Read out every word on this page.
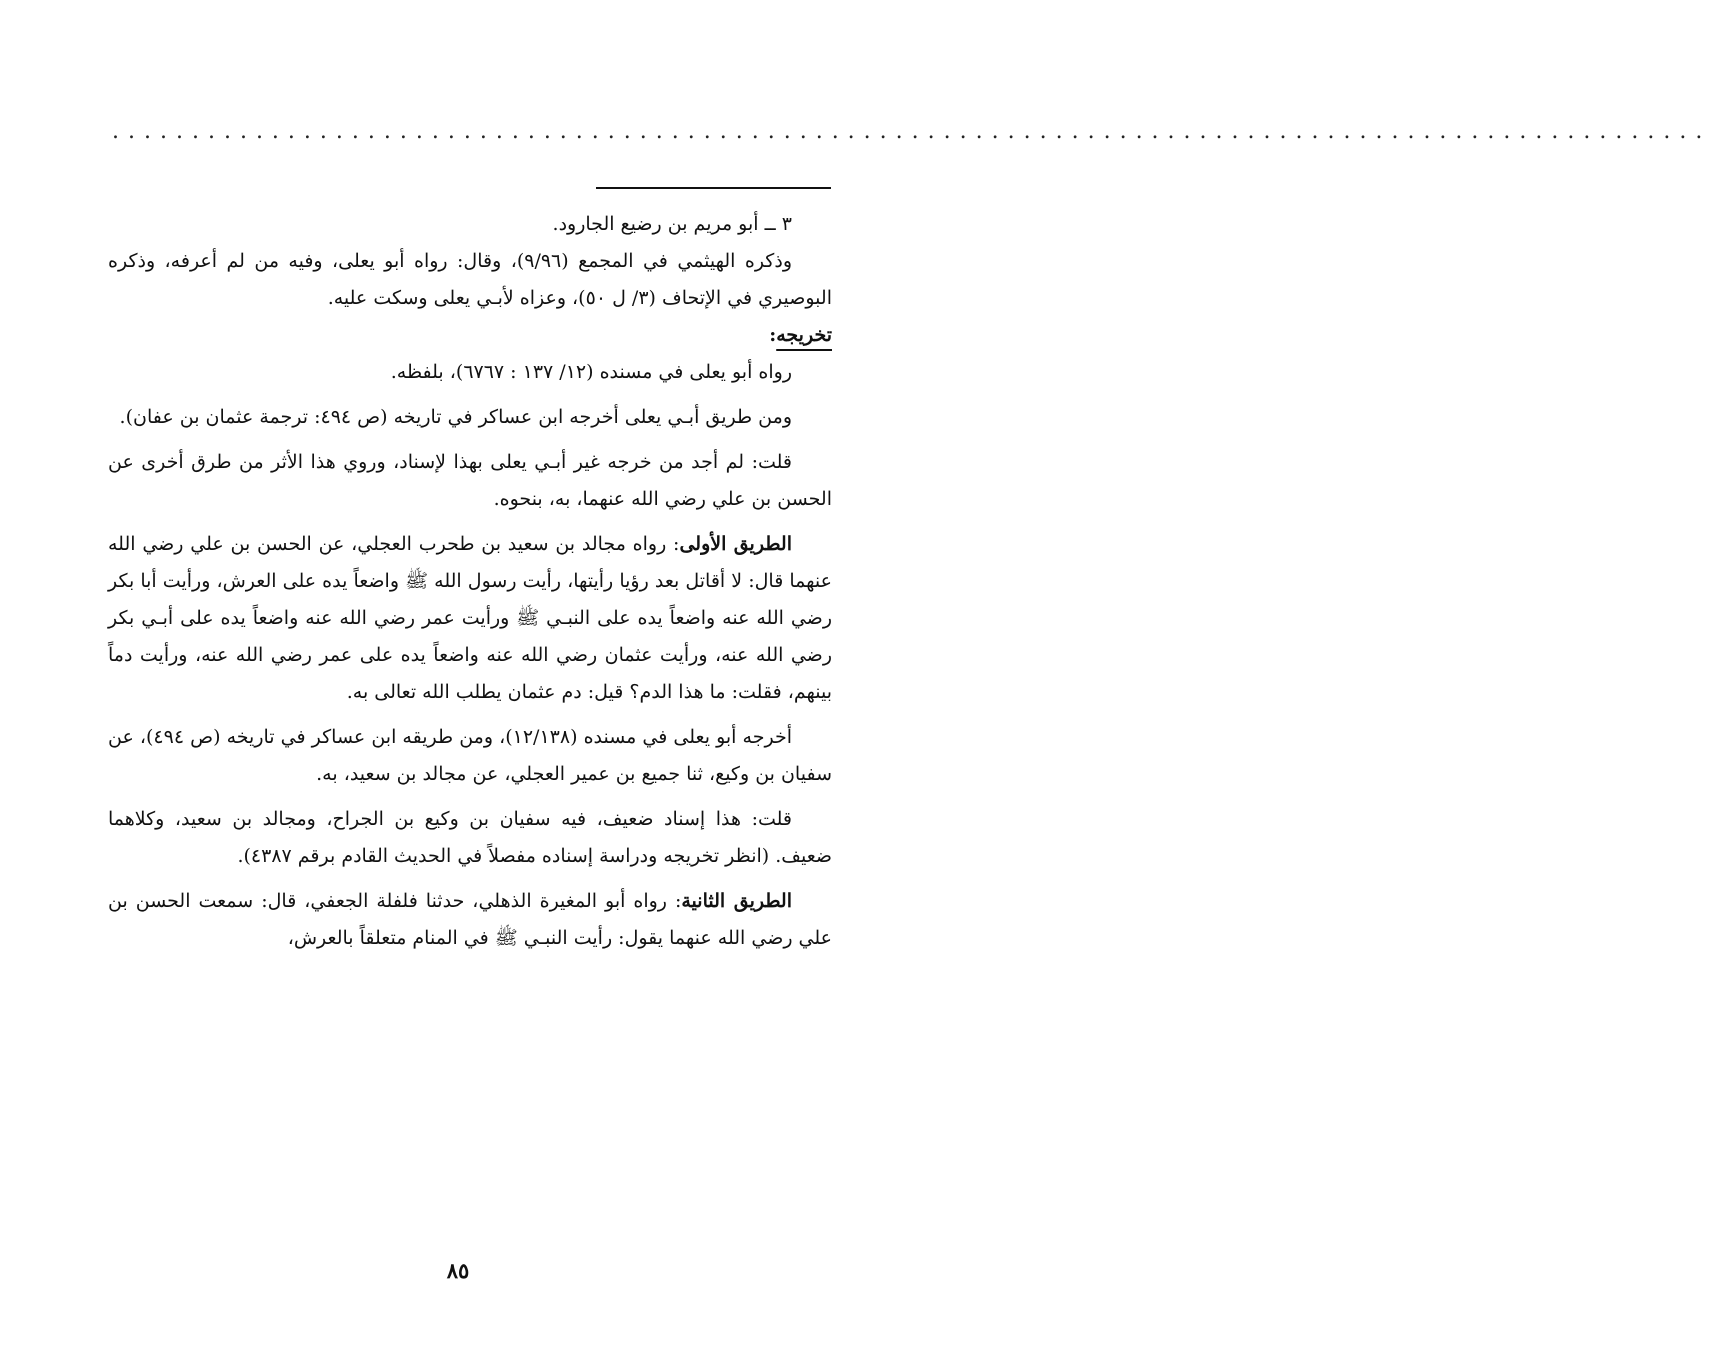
....................................................................................................

٣ ــ أبو مريم بن رضيع الجارود.

وذكره الهيثمي في المجمع (٩/٩٦)، وقال: رواه أبو يعلى، وفيه من لم أعرفه، وذكره البوصيري في الإتحاف (٣/ ل ٥٠)، وعزاه لأبـي يعلى وسكت عليه.

تخريجه:

رواه أبو يعلى في مسنده (١٢/ ١٣٧ : ٦٧٦٧)، بلفظه.

ومن طريق أبـي يعلى أخرجه ابن عساكر في تاريخه (ص ٤٩٤: ترجمة عثمان بن عفان).

قلت: لم أجد من خرجه غير أبـي يعلى بهذا لإسناد، وروي هذا الأثر من طرق أخرى عن الحسن بن علي رضي الله عنهما، به، بنحوه.

الطريق الأولى: رواه مجالد بن سعيد بن طحرب العجلي، عن الحسن بن علي رضي الله عنهما قال: لا أقاتل بعد رؤيا رأيتها، رأيت رسول الله ﷺ واضعاً يده على العرش، ورأيت أبا بكر رضي الله عنه واضعاً يده على النبـي ﷺ ورأيت عمر رضي الله عنه واضعاً يده على أبـي بكر رضي الله عنه، ورأيت عثمان رضي الله عنه واضعاً يده على عمر رضي الله عنه، ورأيت دماً بينهم، فقلت: ما هذا الدم؟ قيل: دم عثمان يطلب الله تعالى به.

أخرجه أبو يعلى في مسنده (١٢/١٣٨)، ومن طريقه ابن عساكر في تاريخه (ص ٤٩٤)، عن سفيان بن وكيع، ثنا جميع بن عمير العجلي، عن مجالد بن سعيد، به.

قلت: هذا إسناد ضعيف، فيه سفيان بن وكيع بن الجراح، ومجالد بن سعيد، وكلاهما ضعيف. (انظر تخريجه ودراسة إسناده مفصلاً في الحديث القادم برقم ٤٣٨٧).

الطريق الثانية: رواه أبو المغيرة الذهلي، حدثنا فلفلة الجعفي، قال: سمعت الحسن بن علي رضي الله عنهما يقول: رأيت النبـي ﷺ في المنام متعلقاً بالعرش،

٨٥
